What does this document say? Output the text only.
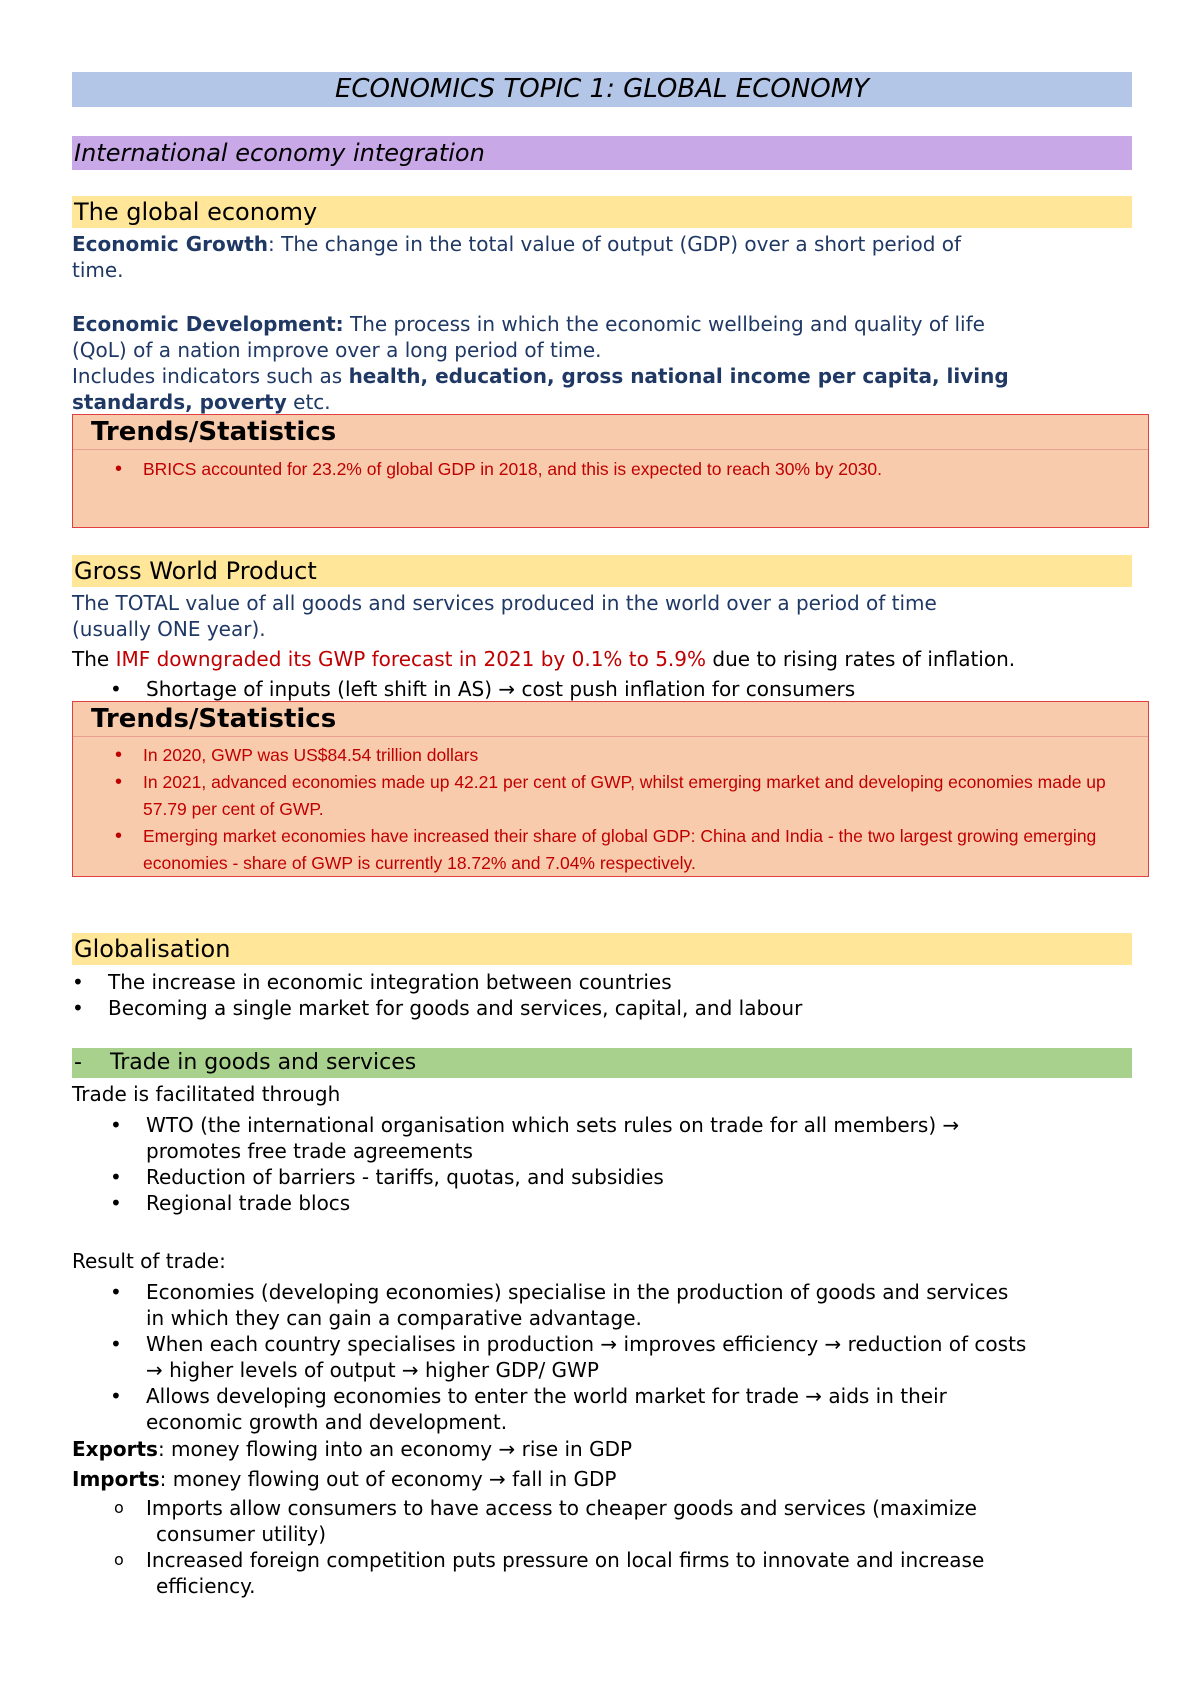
ECONOMICS TOPIC 1: GLOBAL ECONOMY
International economy integration
The global economy
Economic Growth: The change in the total value of output (GDP) over a short period of
time.
Economic Development: The process in which the economic wellbeing and quality of life
(QoL) of a nation improve over a long period of time.
Includes indicators such as health, education, gross national income per capita, living
standards, poverty etc.
Trends/Statistics
• BRICS accounted for 23.2% of global GDP in 2018, and this is expected to reach 30% by 2030.
Gross World Product
The TOTAL value of all goods and services produced in the world over a period of time
(usually ONE year).
The IMF downgraded its GWP forecast in 2021 by 0.1% to 5.9% due to rising rates of inflation.
• Shortage of inputs (left shift in AS) → cost push inflation for consumers
Trends/Statistics
• In 2020, GWP was US$84.54 trillion dollars
• In 2021, advanced economies made up 42.21 per cent of GWP, whilst emerging market and developing economies made up 57.79 per cent of GWP.
• Emerging market economies have increased their share of global GDP: China and India - the two largest growing emerging economies - share of GWP is currently 18.72% and 7.04% respectively.
Globalisation
• The increase in economic integration between countries
• Becoming a single market for goods and services, capital, and labour
- Trade in goods and services
Trade is facilitated through
• WTO (the international organisation which sets rules on trade for all members) →
promotes free trade agreements
• Reduction of barriers - tariffs, quotas, and subsidies
• Regional trade blocs
Result of trade:
• Economies (developing economies) specialise in the production of goods and services
in which they can gain a comparative advantage.
• When each country specialises in production → improves efficiency → reduction of costs
→ higher levels of output → higher GDP/ GWP
• Allows developing economies to enter the world market for trade → aids in their
economic growth and development.
Exports: money flowing into an economy → rise in GDP
Imports: money flowing out of economy → fall in GDP
o Imports allow consumers to have access to cheaper goods and services (maximize
consumer utility)
o Increased foreign competition puts pressure on local firms to innovate and increase
efficiency.
